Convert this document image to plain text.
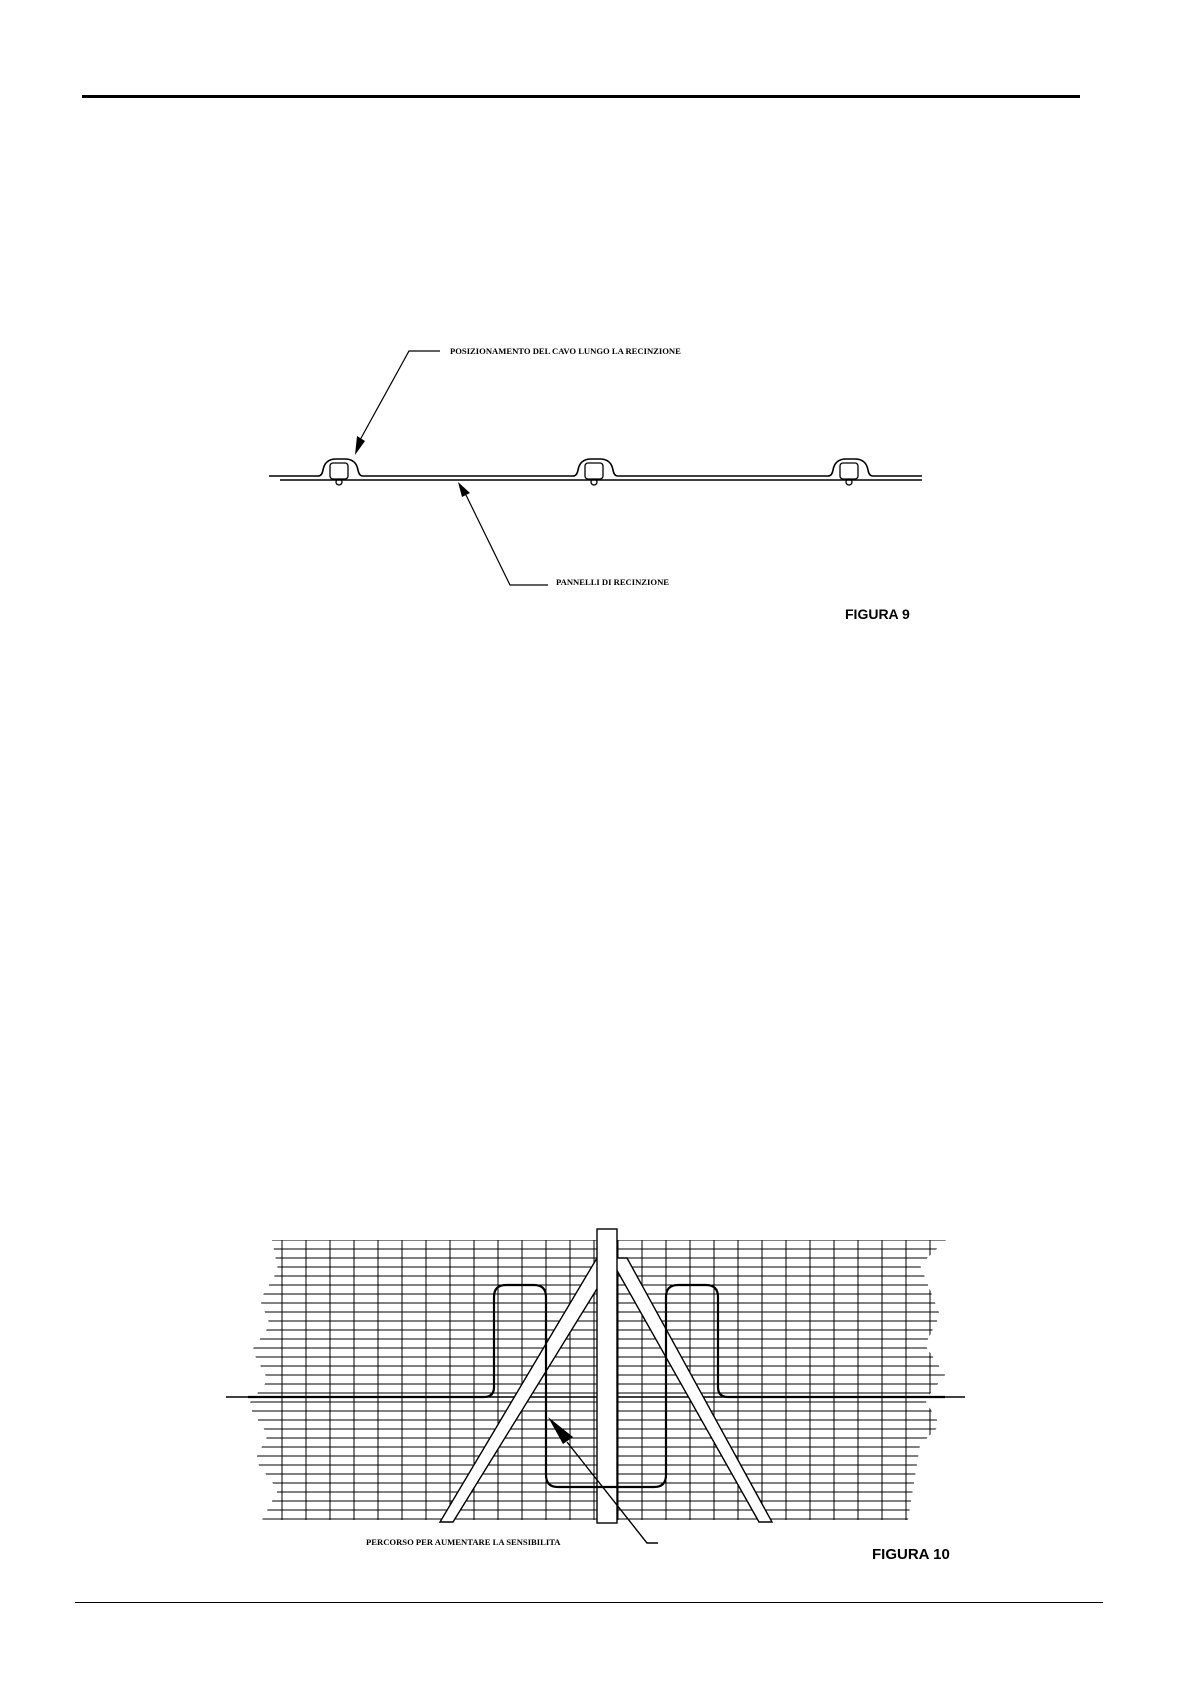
POSIZIONAMENTO DEL CAVO LUNGO LA RECINZIONE
PANNELLI DI RECINZIONE
FIGURA 9
PERCORSO PER AUMENTARE LA SENSIBILITA
FIGURA 10
